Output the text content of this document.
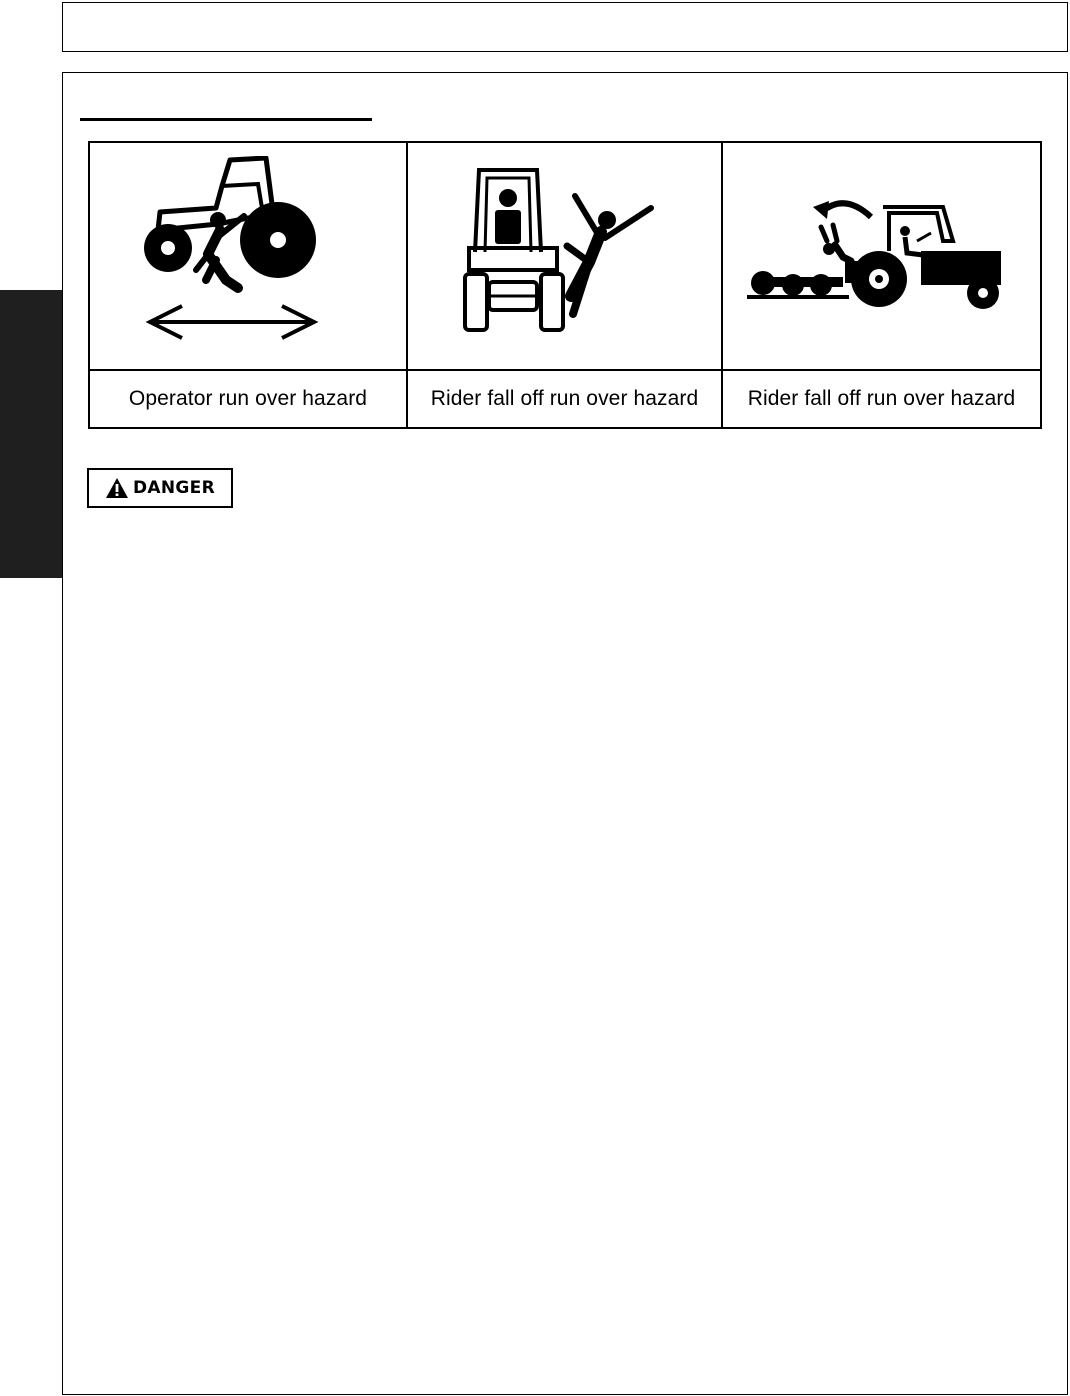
Operator run over hazard	Rider fall off run over hazard	Rider fall off run over hazard
DANGER
